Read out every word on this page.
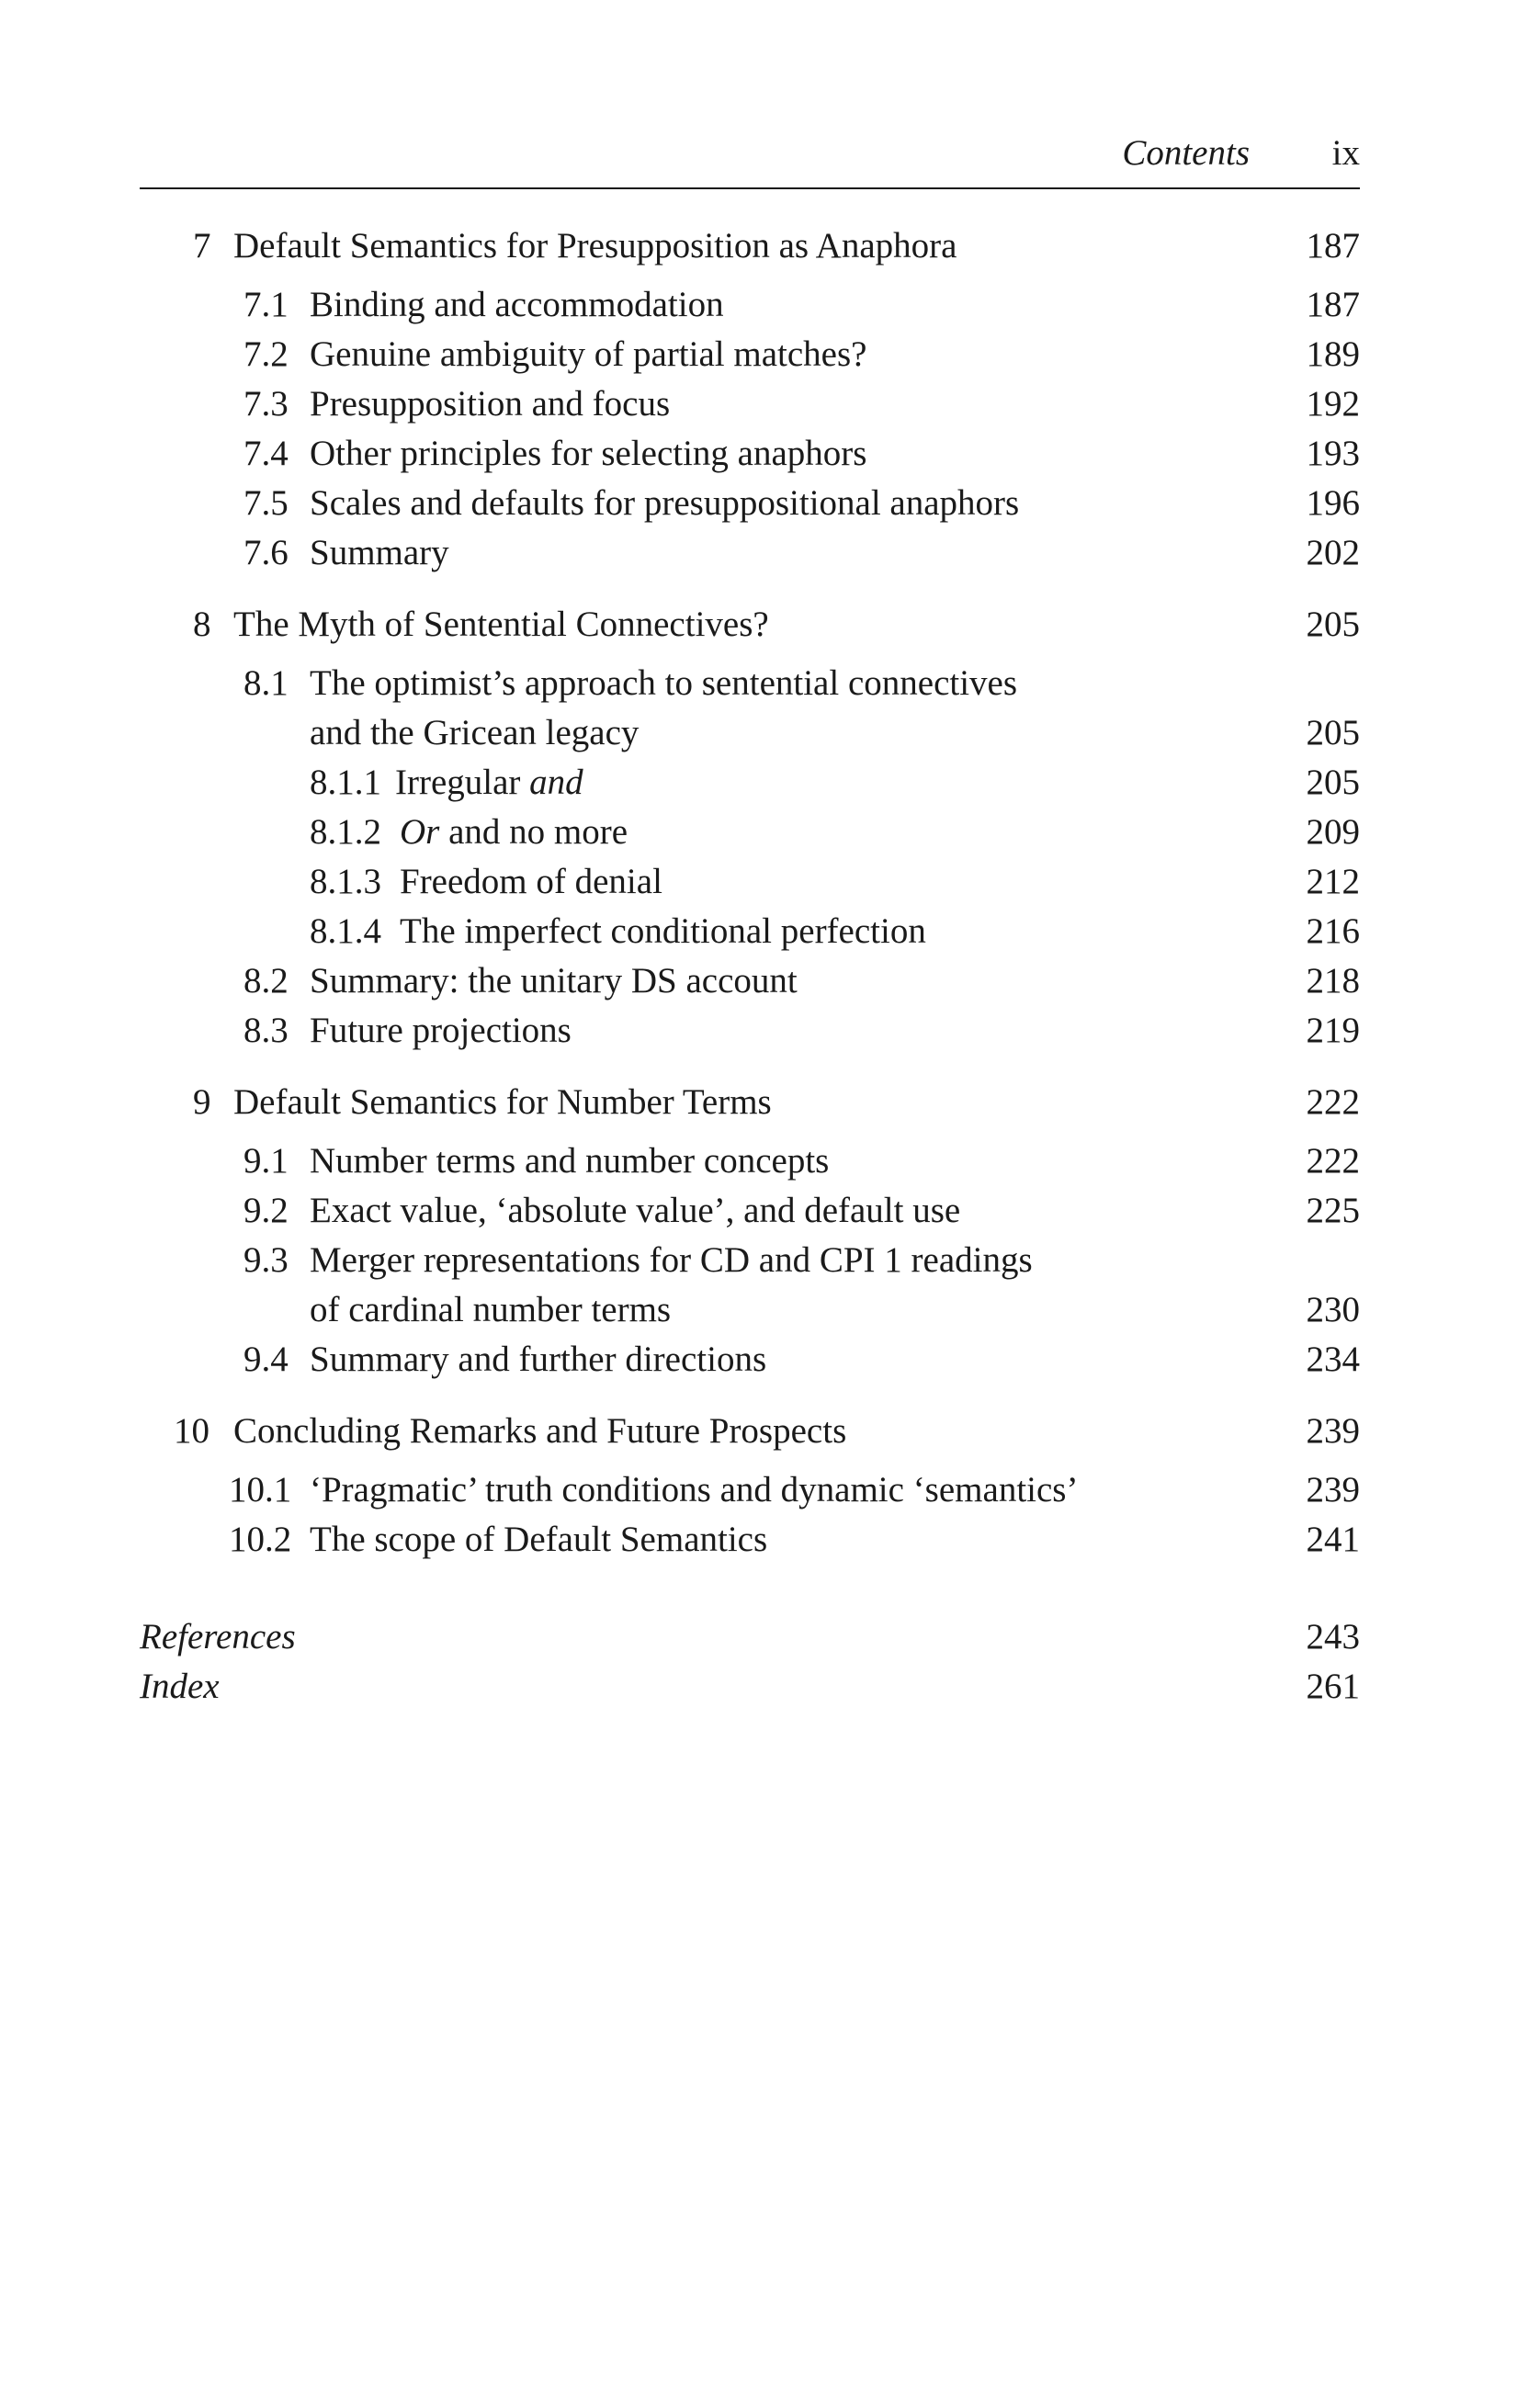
Contents ix
7 Default Semantics for Presupposition as Anaphora	187
7.1 Binding and accommodation	187
7.2 Genuine ambiguity of partial matches?	189
7.3 Presupposition and focus	192
7.4 Other principles for selecting anaphors	193
7.5 Scales and defaults for presuppositional anaphors	196
7.6 Summary	202
8 The Myth of Sentential Connectives?	205
8.1 The optimist’s approach to sentential connectives
and the Gricean legacy	205
8.1.1 Irregular and	205
8.1.2 Or and no more	209
8.1.3 Freedom of denial	212
8.1.4 The imperfect conditional perfection	216
8.2 Summary: the unitary DS account	218
8.3 Future projections	219
9 Default Semantics for Number Terms	222
9.1 Number terms and number concepts	222
9.2 Exact value, ‘absolute value’, and default use	225
9.3 Merger representations for CD and CPI 1 readings
of cardinal number terms	230
9.4 Summary and further directions	234
10 Concluding Remarks and Future Prospects	239
10.1 ‘Pragmatic’ truth conditions and dynamic ‘semantics’	239
10.2 The scope of Default Semantics	241
References	243
Index	261
